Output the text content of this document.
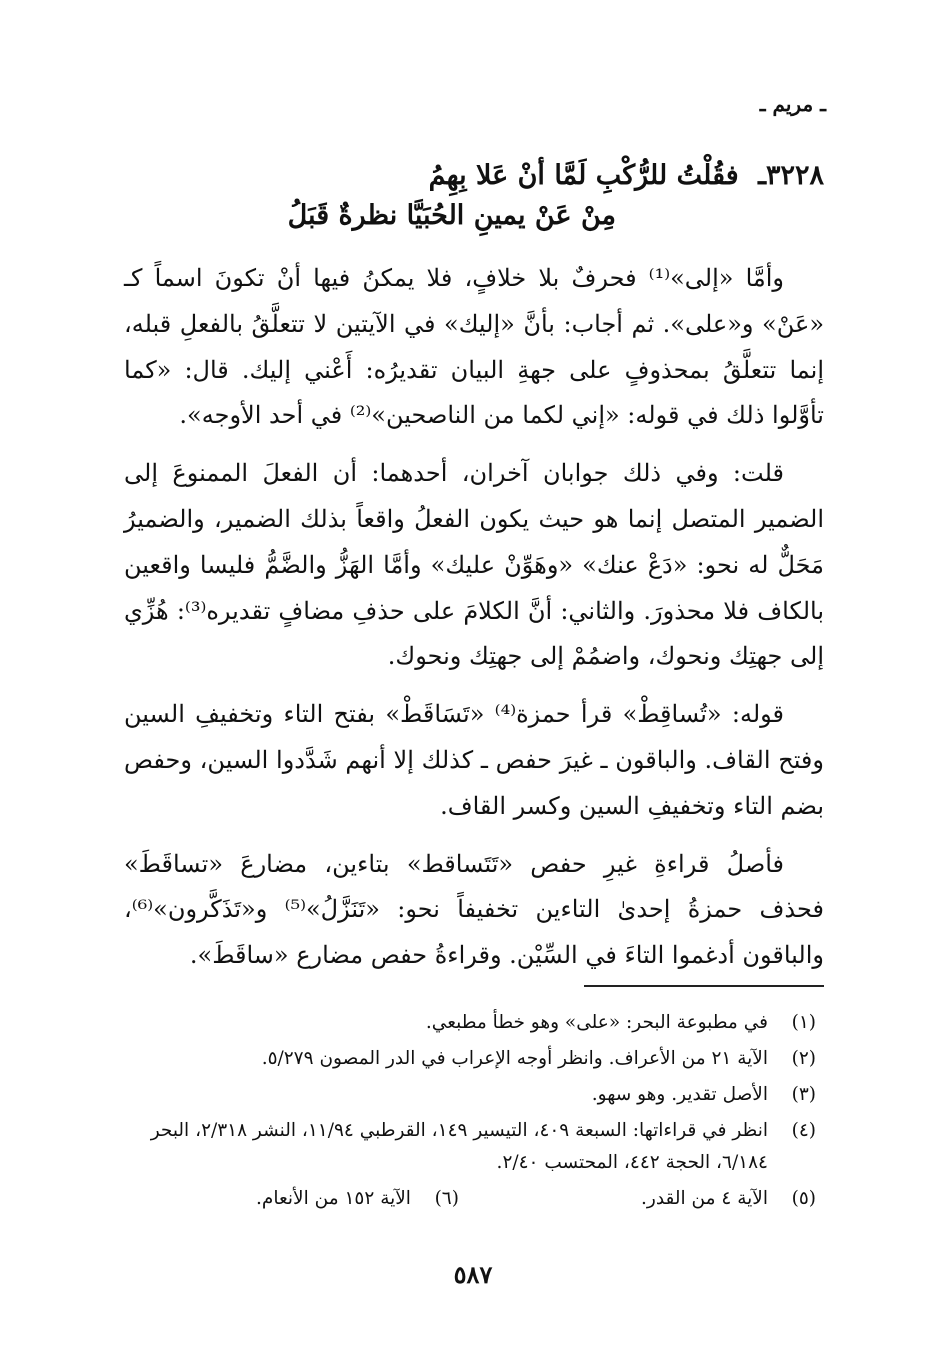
ـ مريم ـ
٣٢٢٨ـ فقُلْتُ للرُّكْبِ لَمَّا أنْ عَلا بِهِمُ
مِنْ عَنْ يمينِ الحُبَيَّا نظرةٌ قَبَلُ

وأمَّا «إلى»⁽¹⁾ فحرفٌ بلا خلافٍ، فلا يمكنُ فيها أنْ تكونَ اسماً كـ «عَنْ» و«على». ثم أجاب: بأنَّ «إليك» في الآيتين لا تتعلَّقُ بالفعلِ قبله، إنما تتعلَّقُ بمحذوفٍ على جهةِ البيان تقديرُه: أَعْني إليك. قال: «كما تأوَّلوا ذلك في قوله: «إني لكما من الناصحين»⁽²⁾ في أحد الأوجه».

قلت: وفي ذلك جوابان آخران، أحدهما: أن الفعلَ الممنوعَ إلى الضمير المتصل إنما هو حيث يكون الفعلُ واقعاً بذلك الضمير، والضميرُ مَحَلٌّ له نحو: «دَعْ عنك» «وهَوِّنْ عليك» وأمَّا الهَزُّ والضَّمُّ فليسا واقعين بالكاف فلا محذورَ. والثاني: أنَّ الكلامَ على حذفِ مضافٍ تقديره⁽³⁾: هُزِّي إلى جهتِك ونحوك، واضمُمْ إلى جهتِك ونحوك.

قوله: «تُساقِطْ» قرأ حمزة⁽⁴⁾ «تَسَاقَطْ» بفتح التاء وتخفيفِ السين وفتح القاف. والباقون ـ غيرَ حفص ـ كذلك إلا أنهم شَدَّدوا السين، وحفص بضم التاء وتخفيفِ السين وكسر القاف.

فأصلُ قراءةِ غيرِ حفص «تَتَساقط» بتاءين، مضارعَ «تساقَطَ» فحذف حمزةُ إحدىٰ التاءين تخفيفاً نحو: «تَنَزَّلُ»⁽⁵⁾ و«تَذَكَّرون»⁽⁶⁾، والباقون أدغموا التاءَ في السِّيْن. وقراءةُ حفص مضارع «ساقَطَ».

(١)
في مطبوعة البحر: «على» وهو خطأ مطبعي.
(٢)
الآية ٢١ من الأعراف. وانظر أوجه الإعراب في الدر المصون ٥/٢٧٩.
(٣)
الأصل تقدير. وهو سهو.
(٤)
انظر في قراءاتها: السبعة ٤٠٩، التيسير ١٤٩، القرطبي ١١/٩٤، النشر ٢/٣١٨، البحر ٦/١٨٤، الحجة ٤٤٢، المحتسب ٢/٤٠.
(٥)
الآية ٤ من القدر.
(٦)
الآية ١٥٢ من الأنعام.
٥٨٧
